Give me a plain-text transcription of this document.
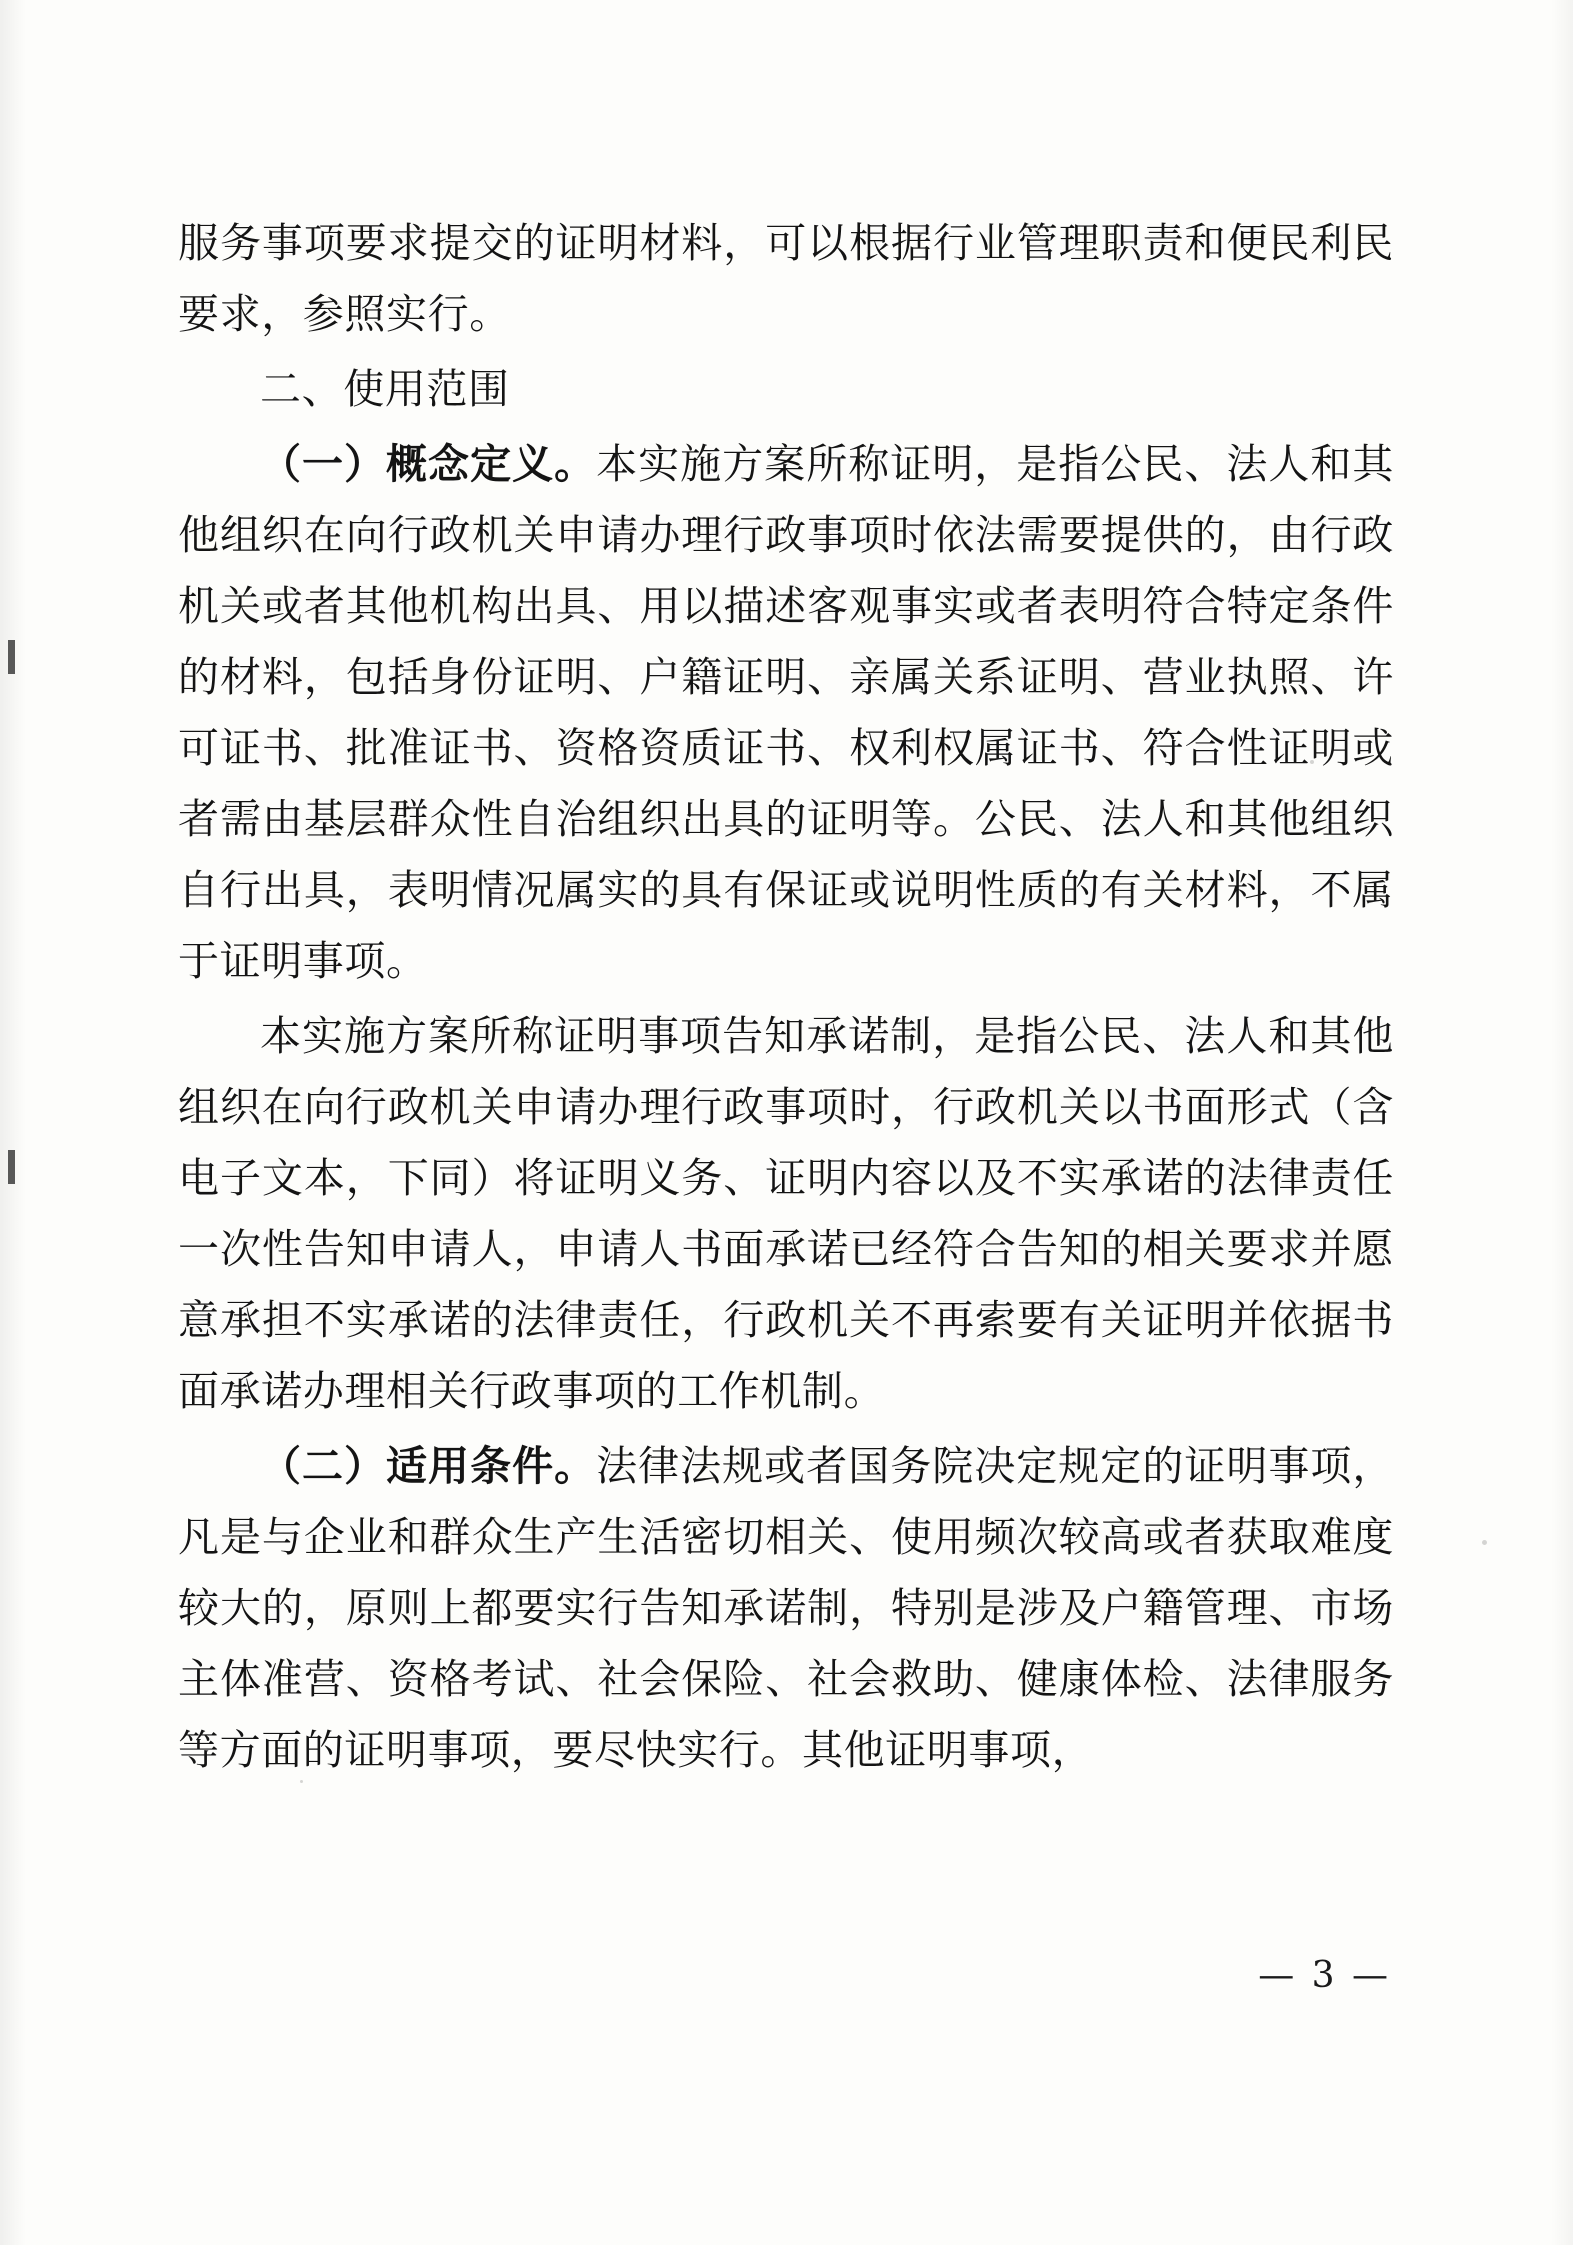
服务事项要求提交的证明材料，可以根据行业管理职责和便民利民要求，参照实行。

二、使用范围

（一）概念定义。本实施方案所称证明，是指公民、法人和其他组织在向行政机关申请办理行政事项时依法需要提供的，由行政机关或者其他机构出具、用以描述客观事实或者表明符合特定条件的材料，包括身份证明、户籍证明、亲属关系证明、营业执照、许可证书、批准证书、资格资质证书、权利权属证书、符合性证明或者需由基层群众性自治组织出具的证明等。公民、法人和其他组织自行出具，表明情况属实的具有保证或说明性质的有关材料，不属于证明事项。

本实施方案所称证明事项告知承诺制，是指公民、法人和其他组织在向行政机关申请办理行政事项时，行政机关以书面形式（含电子文本，下同）将证明义务、证明内容以及不实承诺的法律责任一次性告知申请人，申请人书面承诺已经符合告知的相关要求并愿意承担不实承诺的法律责任，行政机关不再索要有关证明并依据书面承诺办理相关行政事项的工作机制。

（二）适用条件。法律法规或者国务院决定规定的证明事项，凡是与企业和群众生产生活密切相关、使用频次较高或者获取难度较大的，原则上都要实行告知承诺制，特别是涉及户籍管理、市场主体准营、资格考试、社会保险、社会救助、健康体检、法律服务等方面的证明事项，要尽快实行。其他证明事项，

— 3 —
